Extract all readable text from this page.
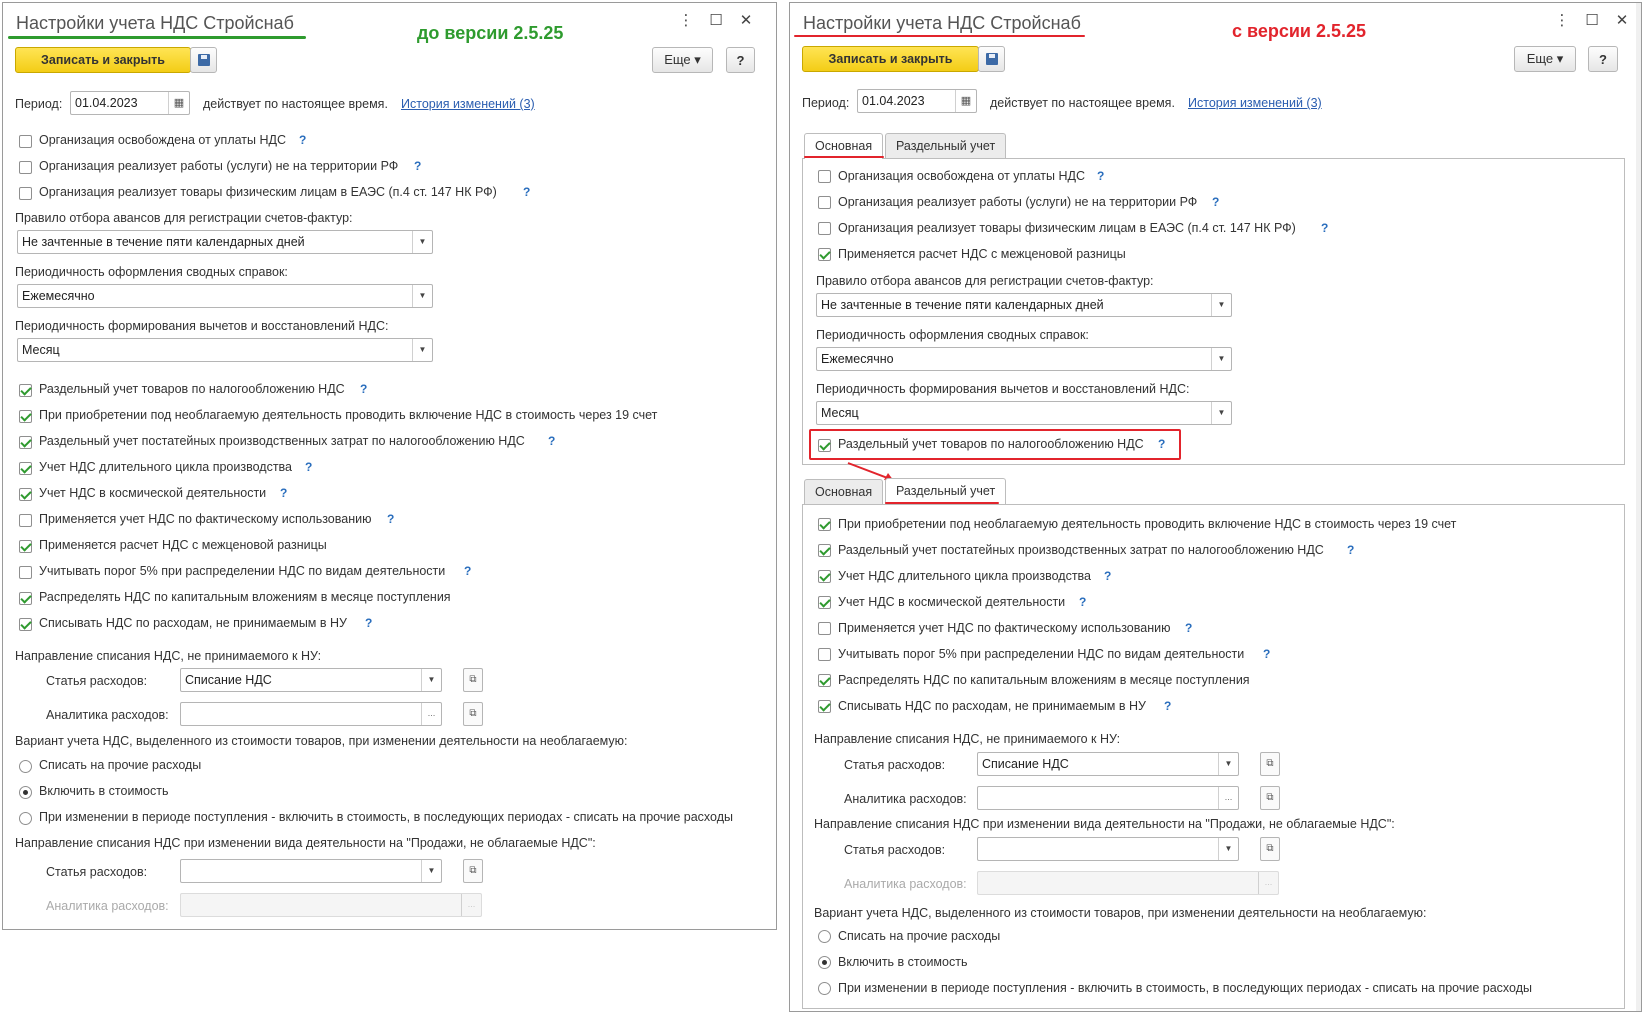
Настройки учета НДС Стройснаб	до версии 2.5.25
⋮	☐	✕
Записать и закрыть	Еще ▾	?
Период:	01.04.2023	▦	действует по настоящее время. История изменений (3)
Организация освобождена от уплаты НДС ?
Организация реализует работы (услуги) не на территории РФ ?
Организация реализует товары физическим лицам в ЕАЭС (п.4 ст. 147 НК РФ) ?
Правило отбора авансов для регистрации счетов-фактур:
Не зачтенные в течение пяти календарных дней	▼
Периодичность оформления сводных справок:
Ежемесячно	▼
Периодичность формирования вычетов и восстановлений НДС:
Месяц	▼
Раздельный учет товаров по налогообложению НДС ?
При приобретении под необлагаемую деятельность проводить включение НДС в стоимость через 19 счет
Раздельный учет постатейных производственных затрат по налогообложению НДС ?
Учет НДС длительного цикла производства ?
Учет НДС в космической деятельности ?
Применяется учет НДС по фактическому использованию ?
Применяется расчет НДС с межценовой разницы
Учитывать порог 5% при распределении НДС по видам деятельности ?
Распределять НДС по капитальным вложениям в месяце поступления
Списывать НДС по расходам, не принимаемым в НУ ?
Направление списания НДС, не принимаемого к НУ:
Статья расходов:	Списание НДС	▼	⧉
Аналитика расходов:	…	⧉
Вариант учета НДС, выделенного из стоимости товаров, при изменении деятельности на необлагаемую:
Списать на прочие расходы
Включить в стоимость
При изменении в периоде поступления - включить в стоимость, в последующих периодах - списать на прочие расходы
Направление списания НДС при изменении вида деятельности на "Продажи, не облагаемые НДС":
Статья расходов:	▼	⧉
Аналитика расходов:	…
Настройки учета НДС Стройснаб	с версии 2.5.25
⋮	☐	✕
Записать и закрыть	Еще ▾	?
Период:	01.04.2023	▦	действует по настоящее время. История изменений (3)
Основная	Раздельный учет
Организация освобождена от уплаты НДС ?
Организация реализует работы (услуги) не на территории РФ ?
Организация реализует товары физическим лицам в ЕАЭС (п.4 ст. 147 НК РФ) ?
Применяется расчет НДС с межценовой разницы
Правило отбора авансов для регистрации счетов-фактур:
Не зачтенные в течение пяти календарных дней	▼
Периодичность оформления сводных справок:
Ежемесячно	▼
Периодичность формирования вычетов и восстановлений НДС:
Месяц	▼
Раздельный учет товаров по налогообложению НДС ?
Основная	Раздельный учет
При приобретении под необлагаемую деятельность проводить включение НДС в стоимость через 19 счет
Раздельный учет постатейных производственных затрат по налогообложению НДС ?
Учет НДС длительного цикла производства ?
Учет НДС в космической деятельности ?
Применяется учет НДС по фактическому использованию ?
Учитывать порог 5% при распределении НДС по видам деятельности ?
Распределять НДС по капитальным вложениям в месяце поступления
Списывать НДС по расходам, не принимаемым в НУ ?
Направление списания НДС, не принимаемого к НУ:
Статья расходов:	Списание НДС	▼	⧉
Аналитика расходов:	…	⧉
Направление списания НДС при изменении вида деятельности на "Продажи, не облагаемые НДС":
Статья расходов:	▼	⧉
Аналитика расходов:	…
Вариант учета НДС, выделенного из стоимости товаров, при изменении деятельности на необлагаемую:
Списать на прочие расходы
Включить в стоимость
При изменении в периоде поступления - включить в стоимость, в последующих периодах - списать на прочие расходы
